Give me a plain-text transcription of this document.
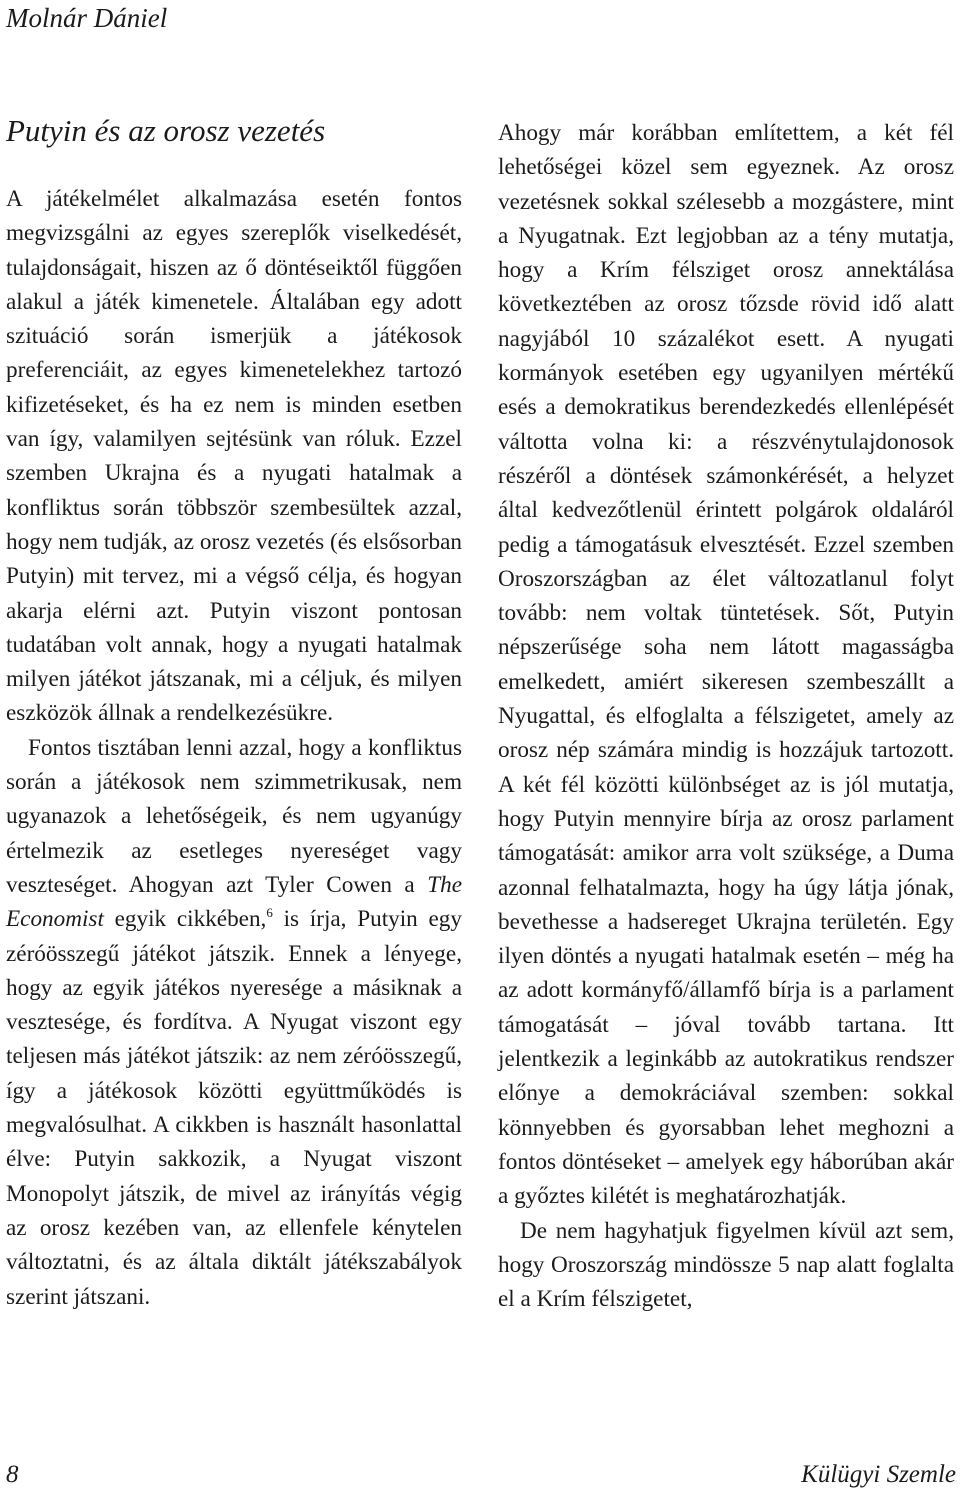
Molnár Dániel
Putyin és az orosz vezetés

A játékelmélet alkalmazása esetén fontos megvizsgálni az egyes szereplők viselkedését, tulajdonságait, hiszen az ő döntéseiktől függően alakul a játék kimenetele. Általában egy adott szituáció során ismerjük a játékosok preferenciáit, az egyes kimenetelekhez tartozó kifizetéseket, és ha ez nem is minden esetben van így, valamilyen sejtésünk van róluk. Ezzel szemben Ukrajna és a nyugati hatalmak a konfliktus során többször szembesültek azzal, hogy nem tudják, az orosz vezetés (és elsősorban Putyin) mit tervez, mi a végső célja, és hogyan akarja elérni azt. Putyin viszont pontosan tudatában volt annak, hogy a nyugati hatalmak milyen játékot játszanak, mi a céljuk, és milyen eszközök állnak a rendelkezésükre.

Fontos tisztában lenni azzal, hogy a konfliktus során a játékosok nem szimmetrikusak, nem ugyanazok a lehetőségeik, és nem ugyanúgy értelmezik az esetleges nyereséget vagy veszteséget. Ahogyan azt Tyler Cowen a The Economist egyik cikkében,$^6$ is írja, Putyin egy zéróösszegű játékot játszik. Ennek a lényege, hogy az egyik játékos nyeresége a másiknak a vesztesége, és fordítva. A Nyugat viszont egy teljesen más játékot játszik: az nem zéróösszegű, így a játékosok közötti együttműködés is megvalósulhat. A cikkben is használt hasonlattal élve: Putyin sakkozik, a Nyugat viszont Monopolyt játszik, de mivel az irányítás végig az orosz kezében van, az ellenfele kénytelen változtatni, és az általa diktált játékszabályok szerint játszani.

Ahogy már korábban említettem, a két fél lehetőségei közel sem egyeznek. Az orosz vezetésnek sokkal szélesebb a mozgástere, mint a Nyugatnak. Ezt legjobban az a tény mutatja, hogy a Krím félsziget orosz annektálása következtében az orosz tőzsde rövid idő alatt nagyjából 10 százalékot esett. A nyugati kormányok esetében egy ugyanilyen mértékű esés a demokratikus berendezkedés ellenlépését váltotta volna ki: a részvénytulajdonosok részéről a döntések számonkérését, a helyzet által kedvezőtlenül érintett polgárok oldaláról pedig a támogatásuk elvesztését. Ezzel szemben Oroszországban az élet változatlanul folyt tovább: nem voltak tüntetések. Sőt, Putyin népszerűsége soha nem látott magasságba emelkedett, amiért sikeresen szembeszállt a Nyugattal, és elfoglalta a félszigetet, amely az orosz nép számára mindig is hozzájuk tartozott. A két fél közötti különbséget az is jól mutatja, hogy Putyin mennyire bírja az orosz parlament támogatását: amikor arra volt szüksége, a Duma azonnal felhatalmazta, hogy ha úgy látja jónak, bevethesse a hadsereget Ukrajna területén. Egy ilyen döntés a nyugati hatalmak esetén – még ha az adott kormányfő/államfő bírja is a parlament támogatását – jóval tovább tartana. Itt jelentkezik a leginkább az autokratikus rendszer előnye a demokráciával szemben: sokkal könnyebben és gyorsabban lehet meghozni a fontos döntéseket – amelyek egy háborúban akár a győztes kilétét is meghatározhatják.

De nem hagyhatjuk figyelmen kívül azt sem, hogy Oroszország mindössze 5 nap alatt foglalta el a Krím félszigetet,

8	Külügyi Szemle
